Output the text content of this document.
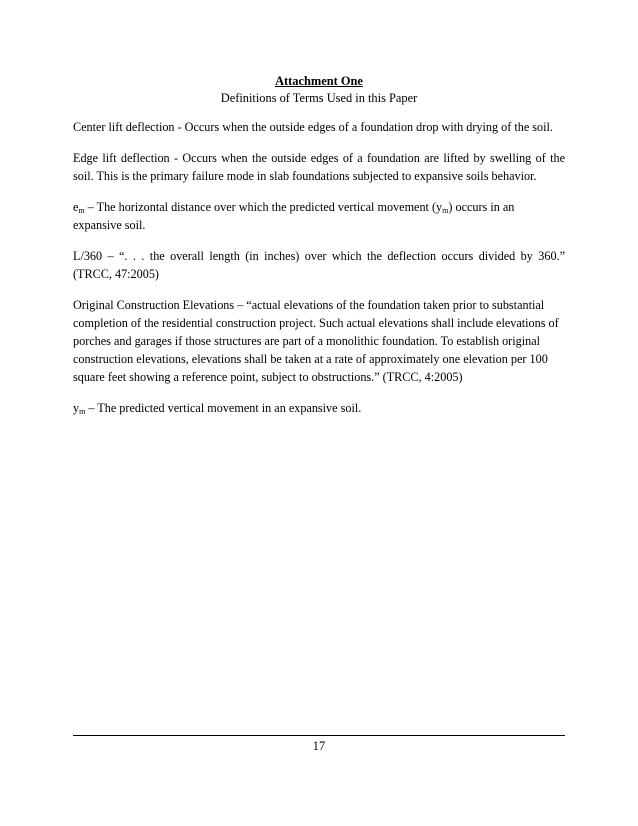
Attachment One
Definitions of Terms Used in this Paper

Center lift deflection - Occurs when the outside edges of a foundation drop with drying of the soil.

Edge lift deflection - Occurs when the outside edges of a foundation are lifted by swelling of the soil. This is the primary failure mode in slab foundations subjected to expansive soils behavior.

$e_m$ – The horizontal distance over which the predicted vertical movement $(y_m)$ occurs in an expansive soil.

L/360 – “. . . the overall length (in inches) over which the deflection occurs divided by 360.” (TRCC, 47:2005)

Original Construction Elevations – “actual elevations of the foundation taken prior to substantial completion of the residential construction project. Such actual elevations shall include elevations of porches and garages if those structures are part of a monolithic foundation. To establish original construction elevations, elevations shall be taken at a rate of approximately one elevation per 100 square feet showing a reference point, subject to obstructions.” (TRCC, 4:2005)

$y_m$ – The predicted vertical movement in an expansive soil.

17
